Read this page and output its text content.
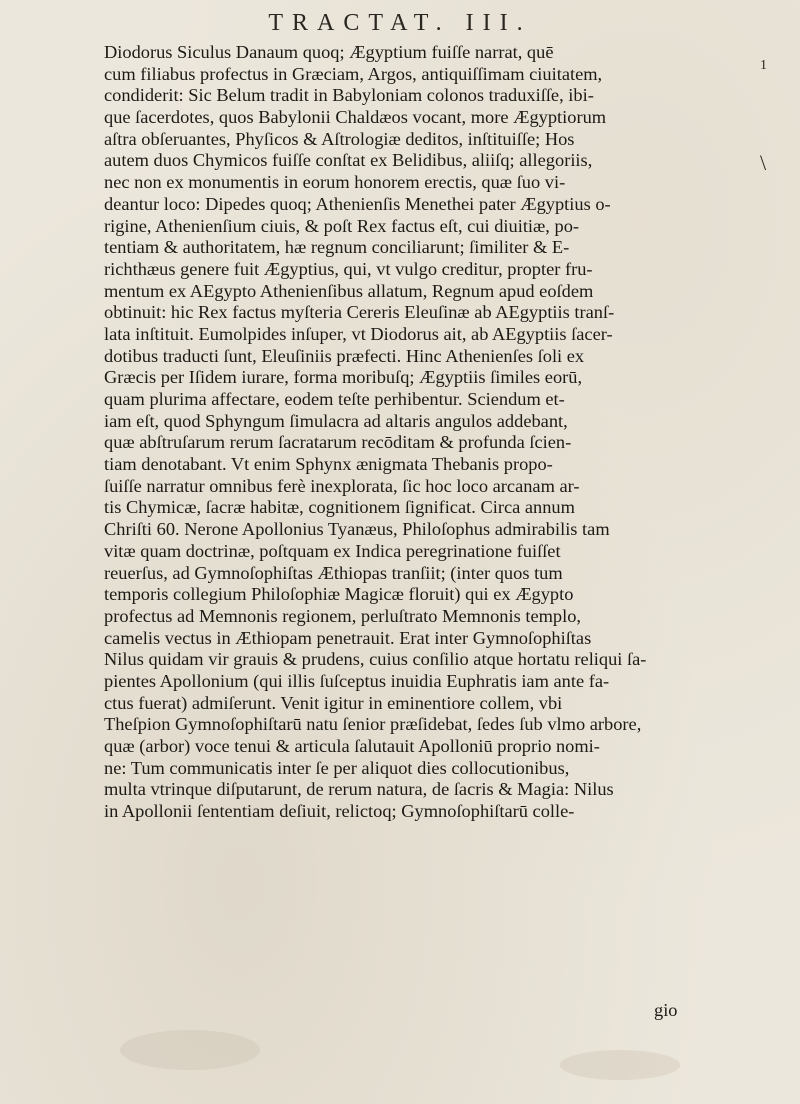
TRACTAT. III.
1
\
Diodorus Siculus Danaum quoq; Ægyptium fuiſſe narrat, quē
cum filiabus profectus in Græciam, Argos, antiquiſſimam ciuitatem,
condiderit: Sic Belum tradit in Babyloniam colonos traduxiſſe, ibi-
que ſacerdotes, quos Babylonii Chaldæos vocant, more Ægyptiorum
aſtra obſeruantes, Phyſicos & Aſtrologiæ deditos, inſtituiſſe; Hos
autem duos Chymicos fuiſſe conſtat ex Belidibus, aliiſq; allegoriis,
nec non ex monumentis in eorum honorem erectis, quæ ſuo vi-
deantur loco: Dipedes quoq; Athenienſis Menethei pater Ægyptius o-
rigine, Athenienſium ciuis, & poſt Rex factus eſt, cui diuitiæ, po-
tentiam & authoritatem, hæ regnum conciliarunt; ſimiliter & E-
richthæus genere fuit Ægyptius, qui, vt vulgo creditur, propter fru-
mentum ex AEgypto Athenienſibus allatum, Regnum apud eoſdem
obtinuit: hic Rex factus myſteria Cereris Eleuſinæ ab AEgyptiis tranſ-
lata inſtituit. Eumolpides inſuper, vt Diodorus ait, ab AEgyptiis ſacer-
dotibus traducti ſunt, Eleuſiniis præfecti. Hinc Athenienſes ſoli ex
Græcis per Iſidem iurare, forma moribuſq; Ægyptiis ſimiles eorū,
quam plurima affectare, eodem teſte perhibentur. Sciendum et-
iam eſt, quod Sphyngum ſimulacra ad altaris angulos addebant,
quæ abſtruſarum rerum ſacratarum recōditam & profunda ſcien-
tiam denotabant. Vt enim Sphynx ænigmata Thebanis propo-
ſuiſſe narratur omnibus ferè inexplorata, ſic hoc loco arcanam ar-
tis Chymicæ, ſacræ habitæ, cognitionem ſignificat. Circa annum
Chriſti 60. Nerone Apollonius Tyanæus, Philoſophus admirabilis tam
vitæ quam doctrinæ, poſtquam ex Indica peregrinatione fuiſſet
reuerſus, ad Gymnoſophiſtas Æthiopas tranſiit; (inter quos tum
temporis collegium Philoſophiæ Magicæ floruit) qui ex Ægypto
profectus ad Memnonis regionem, perluſtrato Memnonis templo,
camelis vectus in Æthiopam penetrauit. Erat inter Gymnoſophiſtas
Nilus quidam vir grauis & prudens, cuius conſilio atque hortatu reliqui ſa-
pientes Apollonium (qui illis ſuſceptus inuidia Euphratis iam ante fa-
ctus fuerat) admiſerunt. Venit igitur in eminentiore collem, vbi
Theſpion Gymnoſophiſtarū natu ſenior præſidebat, ſedes ſub vlmo arbore,
quæ (arbor) voce tenui & articula ſalutauit Apolloniū proprio nomi-
ne: Tum communicatis inter ſe per aliquot dies collocutionibus,
multa vtrinque diſputarunt, de rerum natura, de ſacris & Magia: Nilus
in Apollonii ſententiam deſiuit, relictoq; Gymnoſophiſtarū colle-
gio
